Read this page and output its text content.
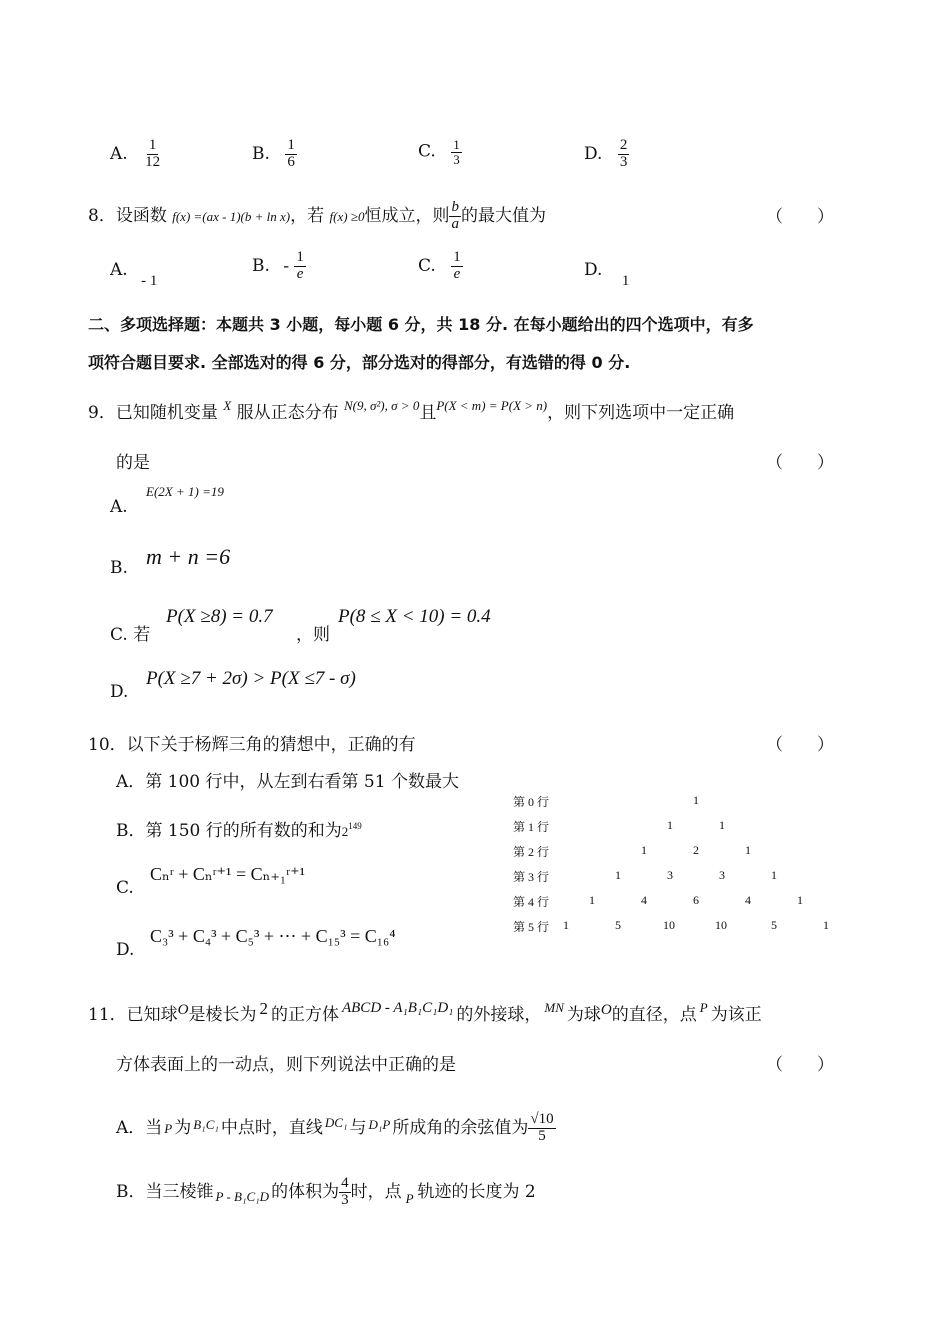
A. $\frac{1}{12}$	B. $\frac{1}{6}$	C. $\frac{1}{3}$	D. $\frac{2}{3}$
8．设函数 f(x) =(ax - 1)(b + ln x)，若 f(x) ≥0恒成立，则 $\frac{b}{a}$ 的最大值为	（　　）
A. - 1
B. - $\frac{1}{e}$	C. $\frac{1}{e}$	D. 1
二、多项选择题：本题共 3 小题，每小题 6 分，共 18 分. 在每小题给出的四个选项中，有多
项符合题目要求. 全部选对的得 6 分，部分选对的得部分，有选错的得 0 分.
9．已知随机变量 $^X$ 服从正态分布 $^{N(9, \sigma^2), \sigma > 0}$且$^{P(X < m) = P(X > n)}$，则下列选项中一定正确
的是	（　　）
A.
E(2X + 1) =19
B. m + n =6
C. 若
P(X ≥8) = 0.7
，则
P(8 ≤ X < 10) = 0.4
D.
P(X ≥7 + 2σ) > P(X ≤7 - σ)
10．以下关于杨辉三角的猜想中，正确的有	（　　）
A．第 100 行中，从左到右看第 51 个数最大
B．第 150 行的所有数的和为$2^{149}$
C.
Cₙʳ + Cₙʳ⁺¹ = Cₙ₊₁ʳ⁺¹
D.
C₃³ + C₄³ + C₅³ + ⋯ + C₁₅³ = C₁₆⁴
第 0 行	1
第 1 行	1	1
第 2 行	1	2	1
第 3 行	1	3	3	1
第 4 行	1	4	6	4	1
第 5 行 1	5	10	10	5	1
11．已知球O是棱长为 2 的正方体 ABCD - A₁B₁C₁D₁ 的外接球， $^{MN}$ 为球O的直径，点 $^P$ 为该正
方体表面上的一动点，则下列说法中正确的是	（　　）
A．当 P 为 $^{B_1C_1}$ 中点时，直线 $^{DC_1}$ 与 $^{D_1P}$ 所成角的余弦值为 $\frac{√10}{5}$
B．当三棱锥 $_{P - B_1C_1D}$ 的体积为 $\frac{4}{3}$ 时，点 $_P$ 轨迹的长度为 2
